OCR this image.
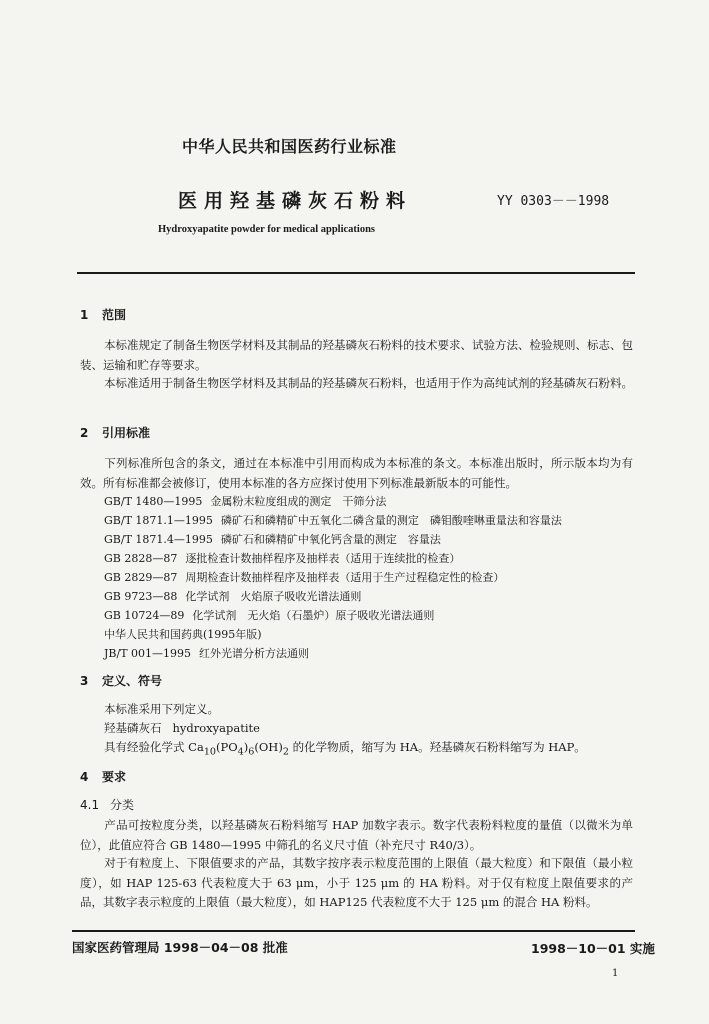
中华人民共和国医药行业标准
医用羟基磷灰石粉料	YY 0303－－1998
Hydroxyapatite powder for medical applications
1 范围
本标准规定了制备生物医学材料及其制品的羟基磷灰石粉料的技术要求、试验方法、检验规则、标志、包装、运输和贮存等要求。
本标准适用于制备生物医学材料及其制品的羟基磷灰石粉料，也适用于作为高纯试剂的羟基磷灰石粉料。
2 引用标准
下列标准所包含的条文，通过在本标准中引用而构成为本标准的条文。本标准出版时，所示版本均为有效。所有标准都会被修订，使用本标准的各方应探讨使用下列标准最新版本的可能性。
GB/T 1480—1995 金属粉末粒度组成的测定　干筛分法
GB/T 1871.1—1995 磷矿石和磷精矿中五氧化二磷含量的测定　磷钼酸喹啉重量法和容量法
GB/T 1871.4—1995 磷矿石和磷精矿中氧化钙含量的测定　容量法
GB 2828—87 逐批检查计数抽样程序及抽样表（适用于连续批的检查）
GB 2829—87 周期检查计数抽样程序及抽样表（适用于生产过程稳定性的检查）
GB 9723—88 化学试剂　火焰原子吸收光谱法通则
GB 10724—89 化学试剂　无火焰（石墨炉）原子吸收光谱法通则
中华人民共和国药典(1995年版)
JB/T 001—1995 红外光谱分析方法通则
3 定义、符号
本标准采用下列定义。
羟基磷灰石 hydroxyapatite
具有经验化学式 $Ca_{10}(PO_4)_6(OH)_2$ 的化学物质，缩写为 HA。羟基磷灰石粉料缩写为 HAP。
4 要求
4.1 分类
产品可按粒度分类，以羟基磷灰石粉料缩写 HAP 加数字表示。数字代表粉料粒度的量值（以微米为单位），此值应符合 GB 1480—1995 中筛孔的名义尺寸值（补充尺寸 R40/3）。
对于有粒度上、下限值要求的产品，其数字按序表示粒度范围的上限值（最大粒度）和下限值（最小粒度），如 HAP 125-63 代表粒度大于 63 μm，小于 125 μm 的 HA 粉料。对于仅有粒度上限值要求的产品，其数字表示粒度的上限值（最大粒度），如 HAP125 代表粒度不大于 125 μm 的混合 HA 粉料。
国家医药管理局 1998－04－08 批准	1998－10－01 实施
1
